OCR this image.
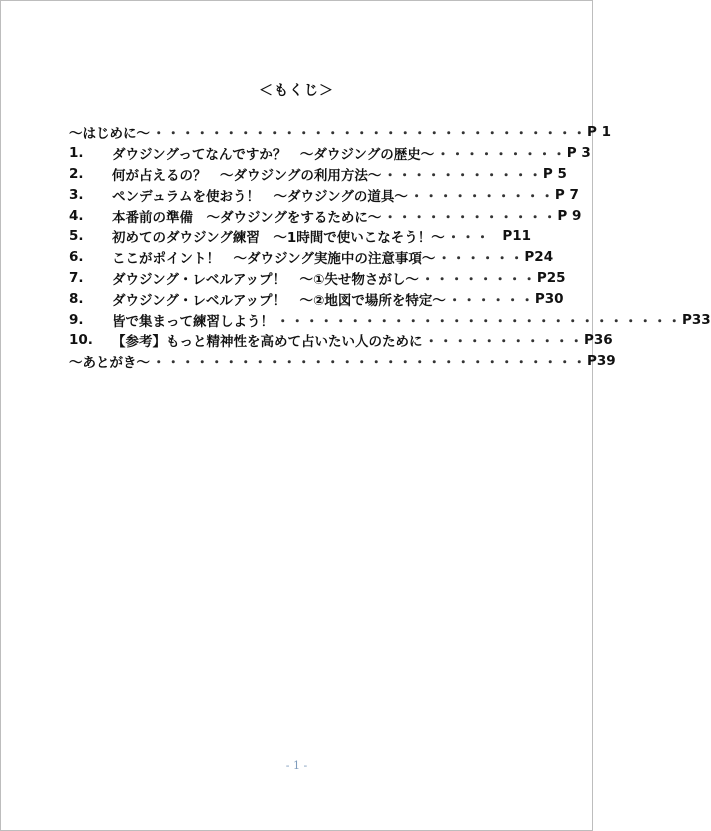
＜もくじ＞
～はじめに～ ・・・・・・・・・・・・・・・・・・・・・・・・・・・・・・ P 1
1.	ダウジングってなんですか？　～ダウジングの歴史～ ・・・・・・・・・ P 3
2.	何が占えるの？　～ダウジングの利用方法～ ・・・・・・・・・・・ P 5
3.	ペンデュラムを使おう！　～ダウジングの道具～ ・・・・・・・・・・ P 7
4.	本番前の準備　～ダウジングをするために～ ・・・・・・・・・・・・ P 9
5.	初めてのダウジング練習　～1時間で使いこなそう！～ ・・・ P11
6.	ここがポイント！　～ダウジング実施中の注意事項～ ・・・・・・ P24
7.	ダウジング・レベルアップ！　～①失せ物さがし～ ・・・・・・・・ P25
8.	ダウジング・レベルアップ！　～②地図で場所を特定～ ・・・・・・ P30
9.	皆で集まって練習しよう！ ・・・・・・・・・・・・・・・・・・・・・・・・・・・・ P33
10.	【参考】もっと精神性を高めて占いたい人のために ・・・・・・・・・・・ P36
～あとがき～ ・・・・・・・・・・・・・・・・・・・・・・・・・・・・・・ P39
- 1 -
